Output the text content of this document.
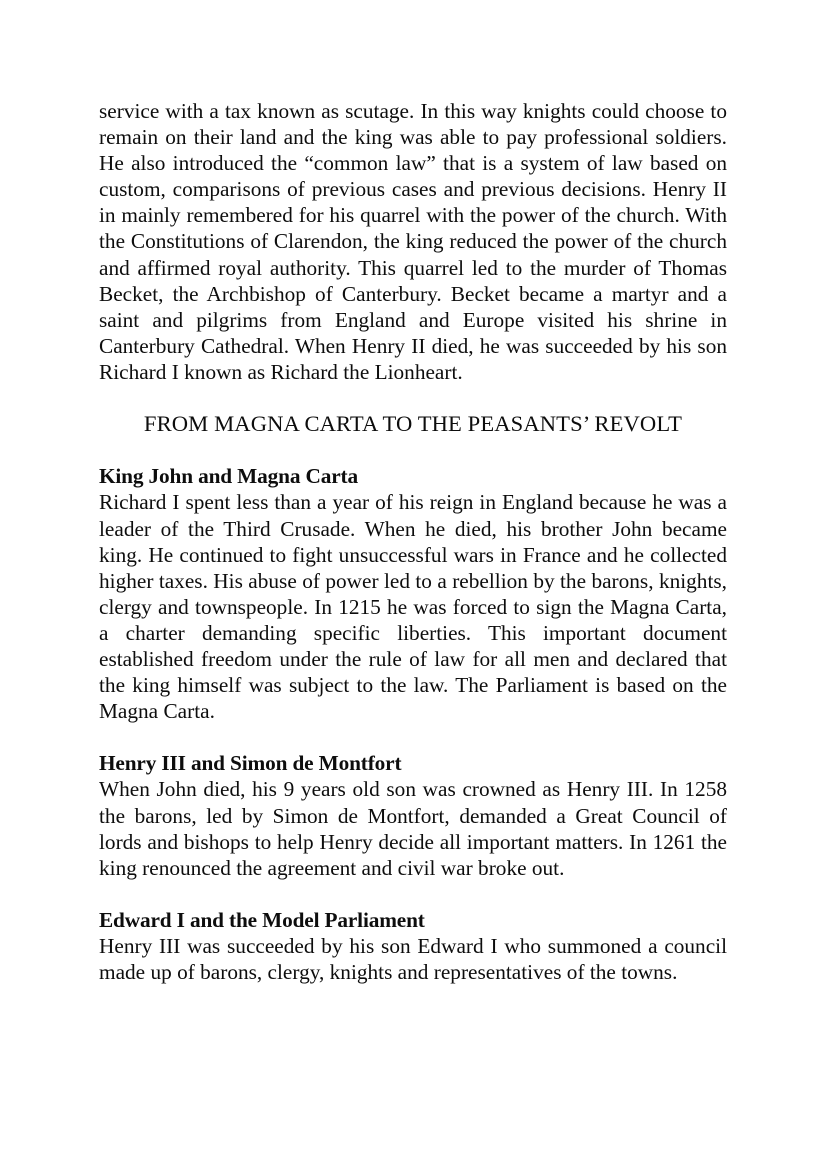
service with a tax known as scutage. In this way knights could choose to remain on their land and the king was able to pay professional soldiers. He also introduced the “common law” that is a system of law based on custom, comparisons of previous cases and previous decisions. Henry II in mainly remembered for his quarrel with the power of the church. With the Constitutions of Clarendon, the king reduced the power of the church and affirmed royal authority. This quarrel led to the murder of Thomas Becket, the Archbishop of Canterbury. Becket became a martyr and a saint and pilgrims from England and Europe visited his shrine in Canterbury Cathedral. When Henry II died, he was succeeded by his son Richard I known as Richard the Lionheart.

FROM MAGNA CARTA TO THE PEASANTS’ REVOLT
King John and Magna Carta

Richard I spent less than a year of his reign in England because he was a leader of the Third Crusade. When he died, his brother John became king. He continued to fight unsuccessful wars in France and he collected higher taxes. His abuse of power led to a rebellion by the barons, knights, clergy and townspeople. In 1215 he was forced to sign the Magna Carta, a charter demanding specific liberties. This important document established freedom under the rule of law for all men and declared that the king himself was subject to the law. The Parliament is based on the Magna Carta.

Henry III and Simon de Montfort

When John died, his 9 years old son was crowned as Henry III. In 1258 the barons, led by Simon de Montfort, demanded a Great Council of lords and bishops to help Henry decide all important matters. In 1261 the king renounced the agreement and civil war broke out.

Edward I and the Model Parliament

Henry III was succeeded by his son Edward I who summoned a council made up of barons, clergy, knights and representatives of the towns.
